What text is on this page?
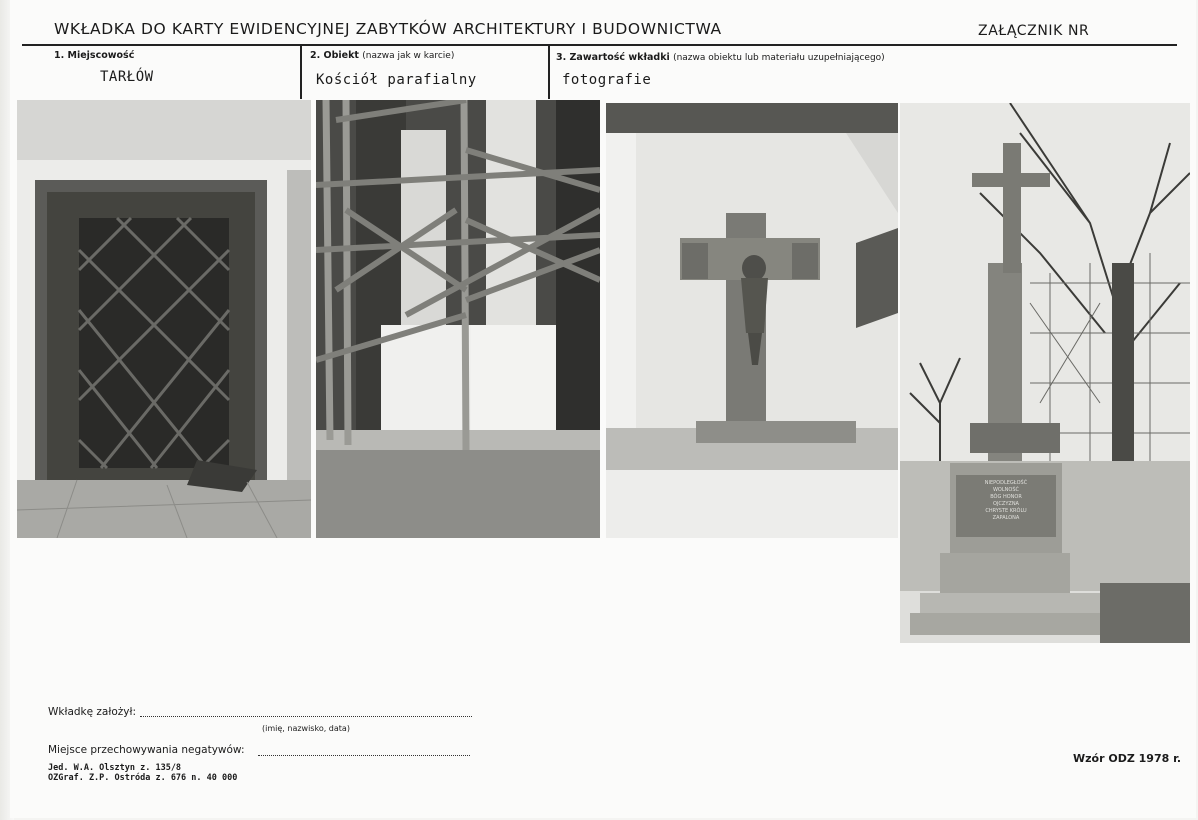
WKŁADKA DO KARTY EWIDENCYJNEJ ZABYTKÓW ARCHITEKTURY I BUDOWNICTWA	ZAŁĄCZNIK NR
1. Miejscowość
TARŁÓW
2. Obiekt (nazwa jak w karcie)
Kościół parafialny
3. Zawartość wkładki (nazwa obiektu lub materiału uzupełniającego)
fotografie
NIEPODLEGŁOŚĆ
WOLNOŚĆ
BÓG HONOR
OJCZYZNA
CHRYSTE KRÓLU
ZAPALONA
Wkładkę założył:
(imię, nazwisko, data)
Miejsce przechowywania negatywów:
Jed. W.A. Olsztyn z. 135/8
OZGraf. Z.P. Ostróda z. 676 n. 40 000
Wzór ODZ 1978 r.
